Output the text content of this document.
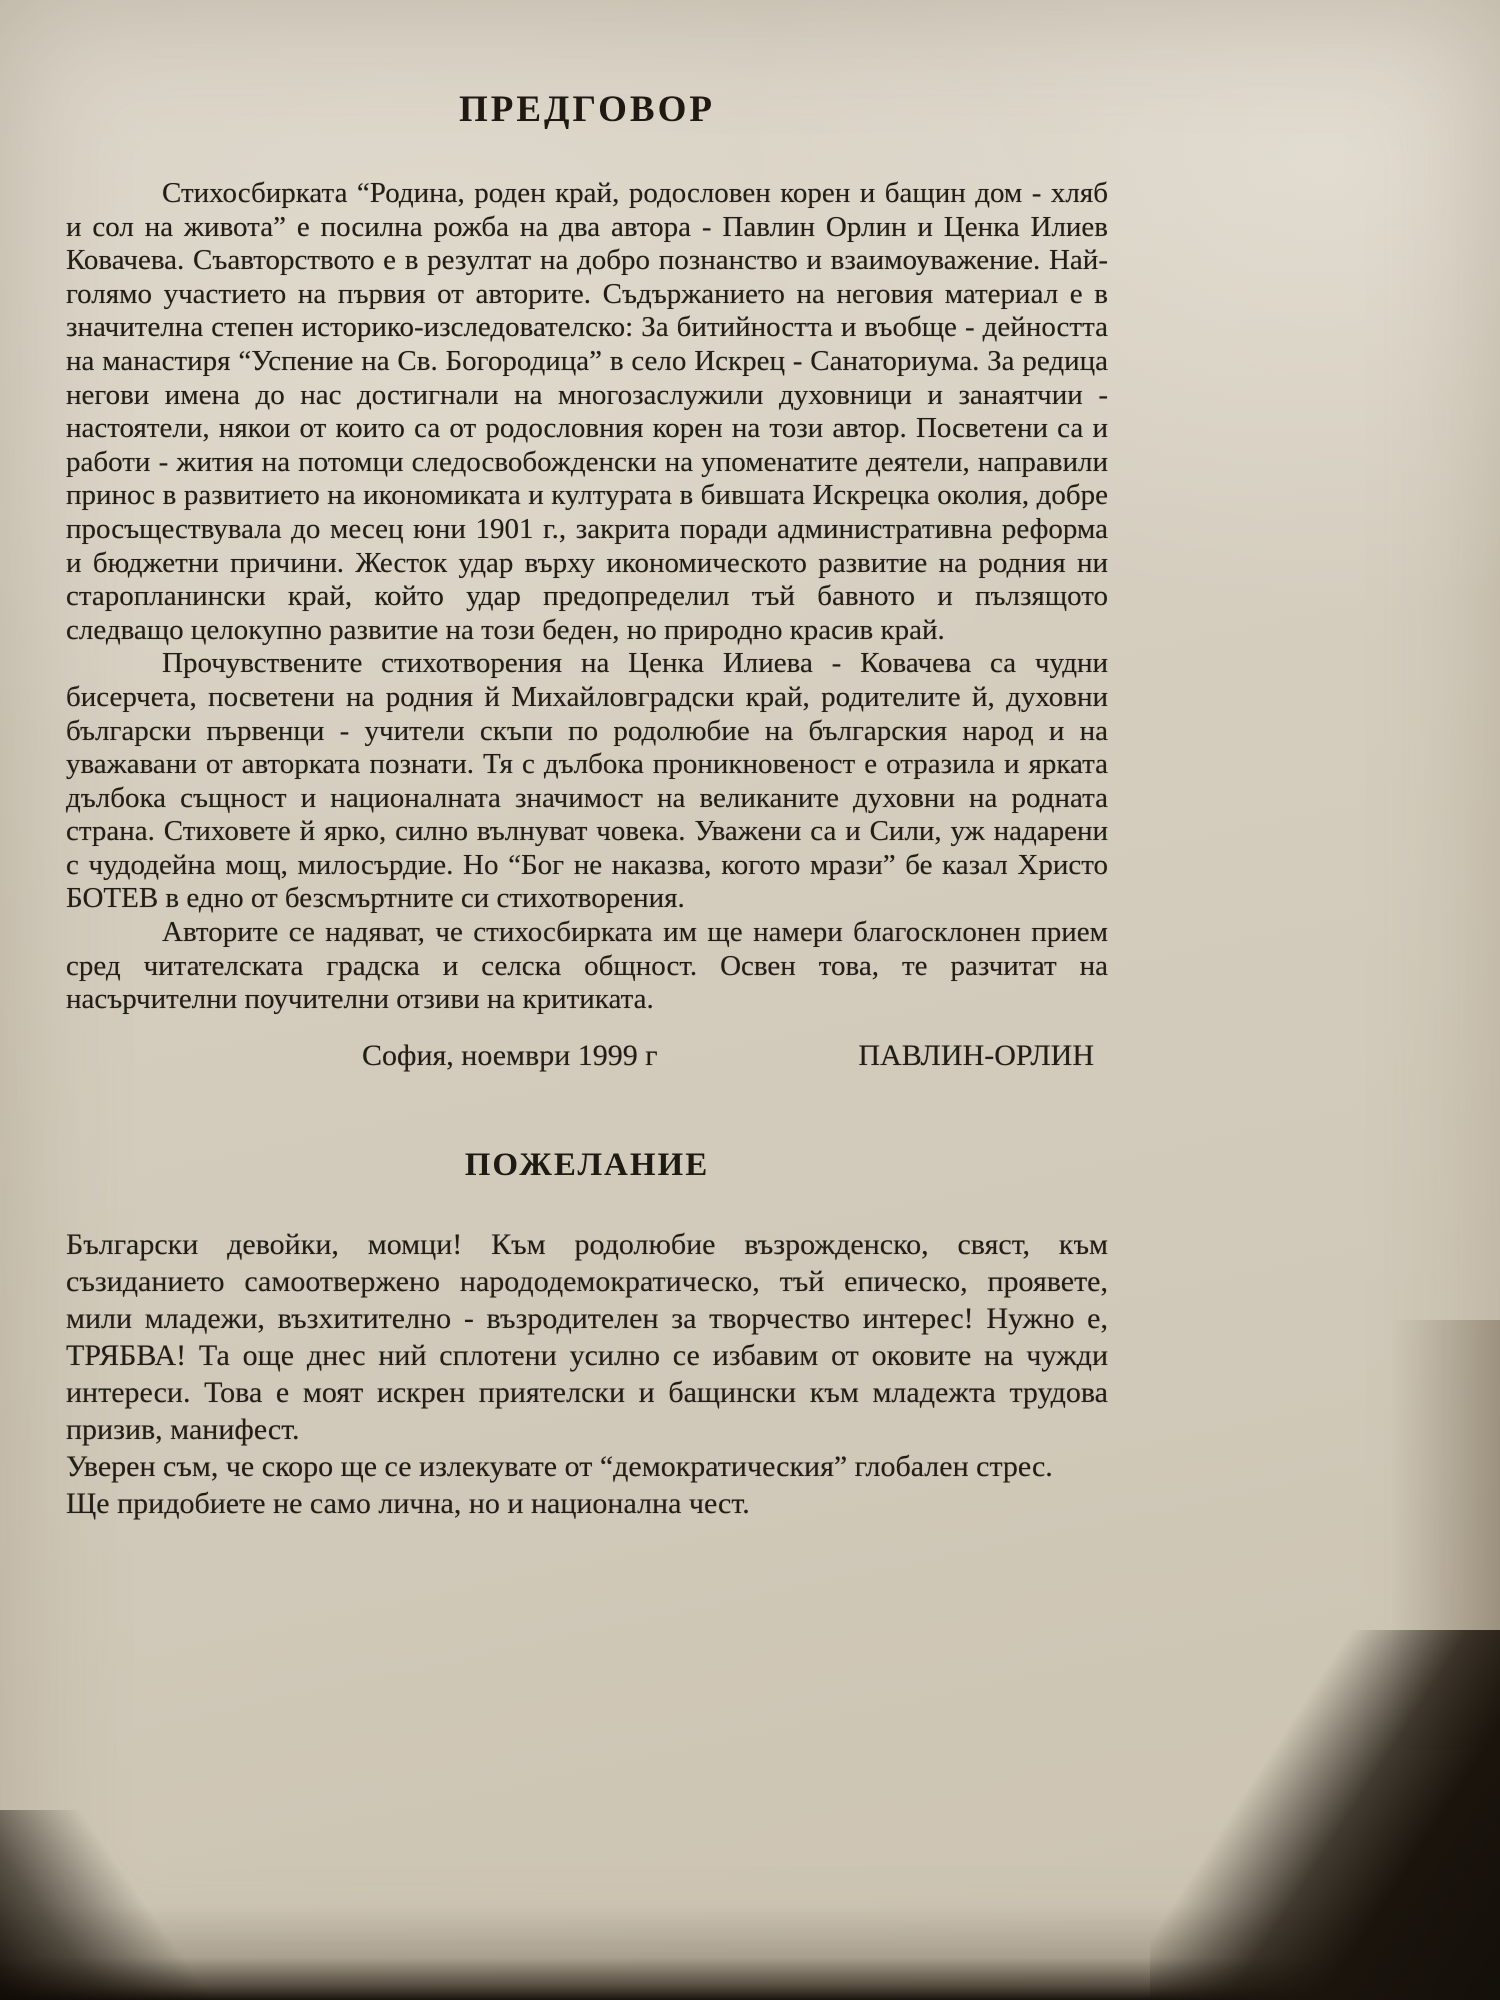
ПРЕДГОВОР

Стихосбирката “Родина, роден край, родословен корен и бащин дом - хляб и сол на живота” е посилна рожба на два автора - Павлин Орлин и Ценка Илиев Ковачева. Съавторството е в резултат на добро познанство и взаимоуважение. Най- голямо участието на първия от авторите. Съдържанието на неговия материал е в значителна степен историко-изследователско: За битийността и въобще - дейността на манастиря “Успение на Св. Богородица” в село Искрец - Санаториума. За редица негови имена до нас достигнали на многозаслужили духовници и занаятчии - настоятели, някои от които са от родословния корен на този автор. Посветени са и работи - жития на потомци следосвобожденски на упоменатите деятели, направили принос в развитието на икономиката и културата в бившата Искрецка околия, добре просъществувала до месец юни 1901 г., закрита поради административна реформа и бюджетни причини. Жесток удар върху икономическото развитие на родния ни старопланински край, който удар предопределил тъй бавното и пълзящото следващо целокупно развитие на този беден, но природно красив край.

Прочувствените стихотворения на Ценка Илиева - Ковачева са чудни бисерчета, посветени на родния й Михайловградски край, родителите й, духовни български първенци - учители скъпи по родолюбие на българския народ и на уважавани от авторката познати. Тя с дълбока проникновеност е отразила и ярката дълбока същност и националната значимост на великаните духовни на родната страна. Стиховете й ярко, силно вълнуват човека. Уважени са и Сили, уж надарени с чудодейна мощ, милосърдие. Но “Бог не наказва, когото мрази” бе казал Христо БОТЕВ в едно от безсмъртните си стихотворения.

Авторите се надяват, че стихосбирката им ще намери благосклонен прием сред читателската градска и селска общност. Освен това, те разчитат на насърчителни поучителни отзиви на критиката.

София, ноември 1999 г	ПАВЛИН-ОРЛИН
ПОЖЕЛАНИЕ

Български девойки, момци! Към родолюбие възрожденско, свяст, към съзиданието самоотвержено народодемократическо, тъй епическо, проявете, мили младежи, възхитително - възродителен за творчество интерес! Нужно е, ТРЯБВА! Та още днес ний сплотени усилно се избавим от оковите на чужди интереси. Това е моят искрен приятелски и бащински към младежта трудова призив, манифест.

Уверен съм, че скоро ще се излекувате от “демократическия” глобален стрес.

Ще придобиете не само лична, но и национална чест.
